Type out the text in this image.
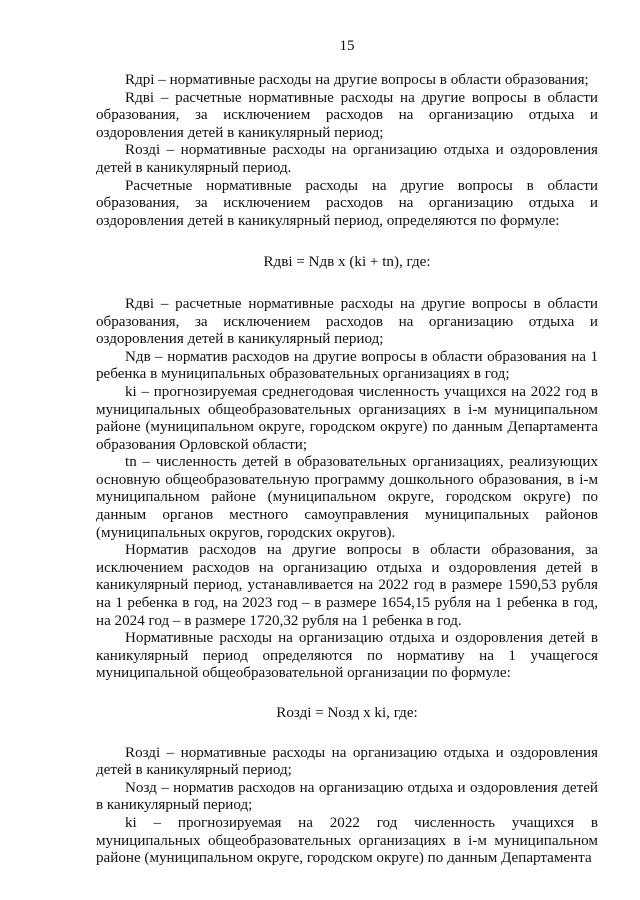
15

Rдрi – нормативные расходы на другие вопросы в области образования;

Rдвi – расчетные нормативные расходы на другие вопросы в области образования, за исключением расходов на организацию отдыха и оздоровления детей в каникулярный период;

Rоздi – нормативные расходы на организацию отдыха и оздоровления детей в каникулярный период.

Расчетные нормативные расходы на другие вопросы в области образования, за исключением расходов на организацию отдыха и оздоровления детей в каникулярный период, определяются по формуле:

Rдвi = Nдв x (ki + tn), где:

Rдвi – расчетные нормативные расходы на другие вопросы в области образования, за исключением расходов на организацию отдыха и оздоровления детей в каникулярный период;

Nдв – норматив расходов на другие вопросы в области образования на 1 ребенка в муниципальных образовательных организациях в год;

ki – прогнозируемая среднегодовая численность учащихся на 2022 год в муниципальных общеобразовательных организациях в i-м муниципальном районе (муниципальном округе, городском округе) по данным Департамента образования Орловской области;

tn – численность детей в образовательных организациях, реализующих основную общеобразовательную программу дошкольного образования, в i-м муниципальном районе (муниципальном округе, городском округе) по данным органов местного самоуправления муниципальных районов (муниципальных округов, городских округов).

Норматив расходов на другие вопросы в области образования, за исключением расходов на организацию отдыха и оздоровления детей в каникулярный период, устанавливается на 2022 год в размере 1590,53 рубля на 1 ребенка в год, на 2023 год – в размере 1654,15 рубля на 1 ребенка в год, на 2024 год – в размере 1720,32 рубля на 1 ребенка в год.

Нормативные расходы на организацию отдыха и оздоровления детей в каникулярный период определяются по нормативу на 1 учащегося муниципальной общеобразовательной организации по формуле:

Rоздi = Nозд x ki, где:

Rоздi – нормативные расходы на организацию отдыха и оздоровления детей в каникулярный период;

Nозд – норматив расходов на организацию отдыха и оздоровления детей в каникулярный период;

ki – прогнозируемая на 2022 год численность учащихся в муниципальных общеобразовательных организациях в i-м муниципальном районе (муниципальном округе, городском округе) по данным Департамента
